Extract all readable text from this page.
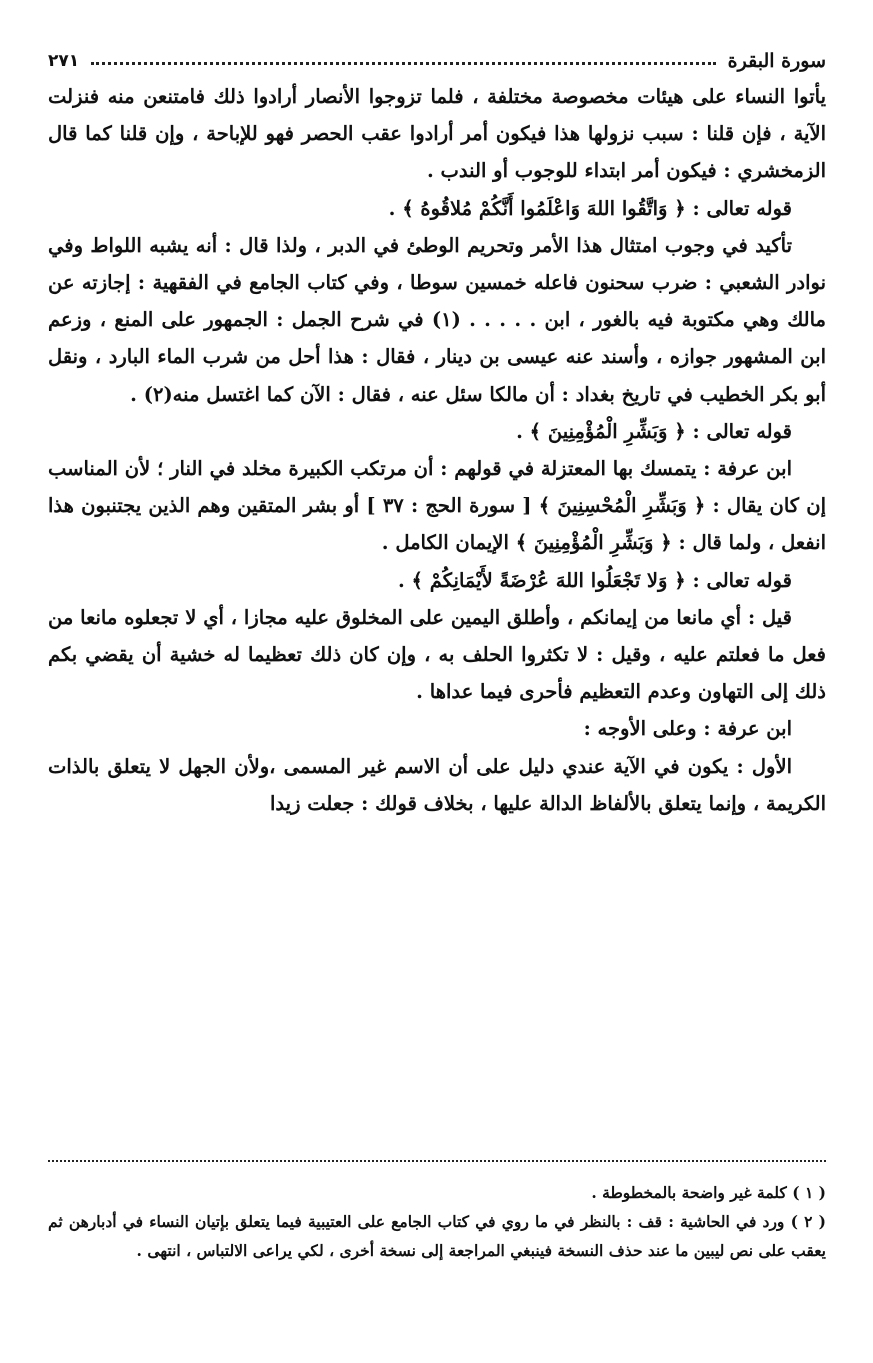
سورة البقرة
٢٧١

يأتوا النساء على هيئات مخصوصة مختلفة ، فلما تزوجوا الأنصار أرادوا ذلك فامتنعن منه فنزلت الآية ، فإن قلنا : سبب نزولها هذا فيكون أمر أرادوا عقب الحصر فهو للإباحة ، وإن قلنا كما قال الزمخشري : فيكون أمر ابتداء للوجوب أو الندب .

قوله تعالى : ﴿ وَاتَّقُوا اللهَ وَاعْلَمُوا أَنَّكُمْ مُلاقُوهُ ﴾ .

تأكيد في وجوب امتثال هذا الأمر وتحريم الوطئ في الدبر ، ولذا قال : أنه يشبه اللواط وفي نوادر الشعبي : ضرب سحنون فاعله خمسين سوطا ، وفي كتاب الجامع في الفقهية : إجازته عن مالك وهي مكتوبة فيه بالغور ، ابن . . . . . (١) في شرح الجمل : الجمهور على المنع ، وزعم ابن المشهور جوازه ، وأسند عنه عيسى بن دينار ، فقال : هذا أحل من شرب الماء البارد ، ونقل أبو بكر الخطيب في تاريخ بغداد : أن مالكا سئل عنه ، فقال : الآن كما اغتسل منه(٢) .

قوله تعالى : ﴿ وَبَشِّرِ الْمُؤْمِنِينَ ﴾ .

ابن عرفة : يتمسك بها المعتزلة في قولهم : أن مرتكب الكبيرة مخلد في النار ؛ لأن المناسب إن كان يقال : ﴿ وَبَشِّرِ الْمُحْسِنِينَ ﴾ [ سورة الحج : ٣٧ ] أو بشر المتقين وهم الذين يجتنبون هذا انفعل ، ولما قال : ﴿ وَبَشِّرِ الْمُؤْمِنِينَ ﴾ الإيمان الكامل .

قوله تعالى : ﴿ وَلا تَجْعَلُوا اللهَ عُرْضَةً لأَيْمَانِكُمْ ﴾ .

قيل : أي مانعا من إيمانكم ، وأطلق اليمين على المخلوق عليه مجازا ، أي لا تجعلوه مانعا من فعل ما فعلتم عليه ، وقيل : لا تكثروا الحلف به ، وإن كان ذلك تعظيما له خشية أن يقضي بكم ذلك إلى التهاون وعدم التعظيم فأحرى فيما عداها .

ابن عرفة : وعلى الأوجه :

الأول : يكون في الآية عندي دليل على أن الاسم غير المسمى ،ولأن الجهل لا يتعلق بالذات الكريمة ، وإنما يتعلق بالألفاظ الدالة عليها ، بخلاف قولك : جعلت زيدا

( ١ ) كلمة غير واضحة بالمخطوطة .

( ٢ ) ورد في الحاشية : قف : بالنظر في ما روي في كتاب الجامع على العتيبية فيما يتعلق بإتيان النساء في أدبارهن ثم يعقب على نص ليبين ما عند حذف النسخة فينبغي المراجعة إلى نسخة أخرى ، لكي يراعى الالتباس ، انتهى .
